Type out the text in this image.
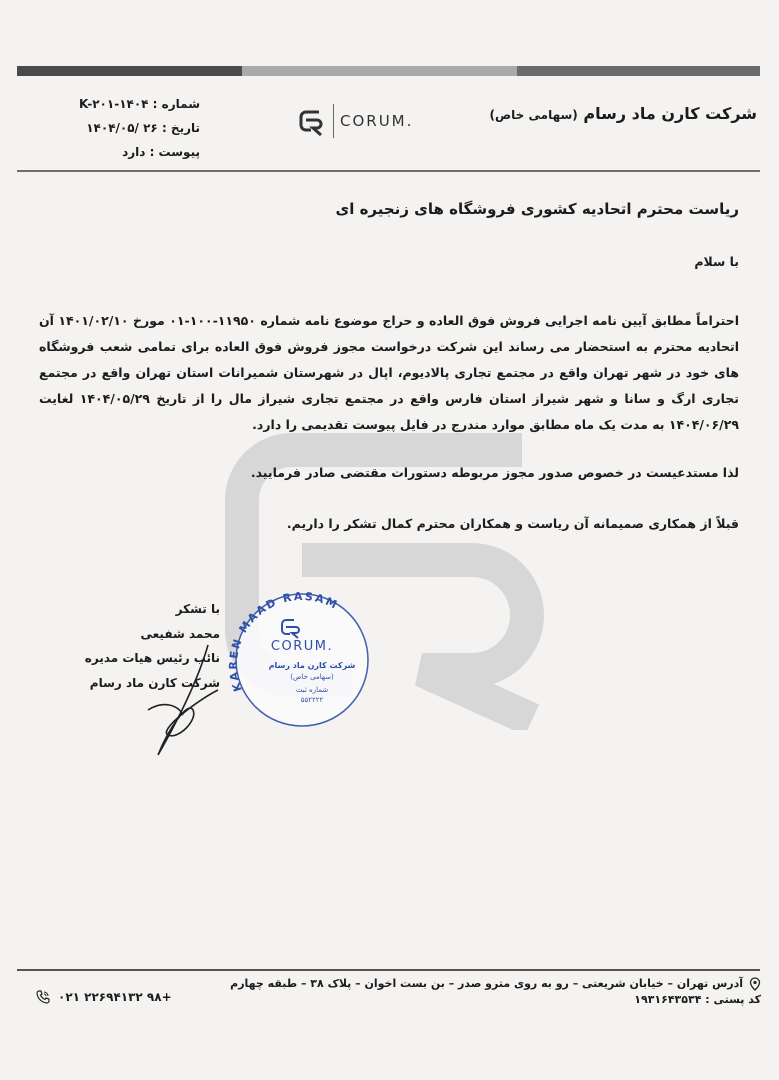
شماره : ۱۴۰۴-K-۲۰۱
تاریخ : ۲۶ /۱۴۰۴/۰۵
پیوست : دارد
CORUM.	شرکت کارن ماد رسام (سهامی خاص)
ریاست محترم اتحادیه کشوری فروشگاه های زنجیره ای
با سلام
احتراماً مطابق آیین نامه اجرایی فروش فوق العاده و حراج موضوع نامه شماره ۱۱۹۵۰-۱۰۰-۰۱ مورخ ۱۴۰۱/۰۲/۱۰ آن اتحادیه محترم به استحضار می رساند این شرکت درخواست مجوز فروش فوق العاده برای تمامی شعب فروشگاه های خود در شهر تهران واقع در مجتمع تجاری پالادیوم، اپال در شهرستان شمیرانات استان تهران واقع در مجتمع تجاری ارگ و سانا و شهر شیراز استان فارس واقع در مجتمع تجاری شیراز مال را از تاریخ ۱۴۰۴/۰۵/۲۹ لغایت ۱۴۰۴/۰۶/۲۹ به مدت یک ماه مطابق موارد مندرج در فایل پیوست تقدیمی را دارد.
لذا مستدعیست در خصوص صدور مجوز مربوطه دستورات مقتضی صادر فرمایید.
قبلاً از همکاری صمیمانه آن ریاست و همکاران محترم کمال تشکر را داریم.
با تشکر
محمد شفیعی
نائب رئیس هیات مدیره
شرکت کارن ماد رسام KAREN MAAD RASAM
CORUM.
شرکت کارن ماد رسام
(سهامی خاص)
شماره ثبت
۵۵۲۲۲۲
آدرس تهران – خیابان شریعتی – رو به روی مترو صدر – بن بست اخوان – پلاک ۳۸ – طبقه چهارم
کد پستی : ۱۹۳۱۶۴۳۵۳۴
۰۲۱ ۲۲۶۹۴۱۳۲ ۹۸+
